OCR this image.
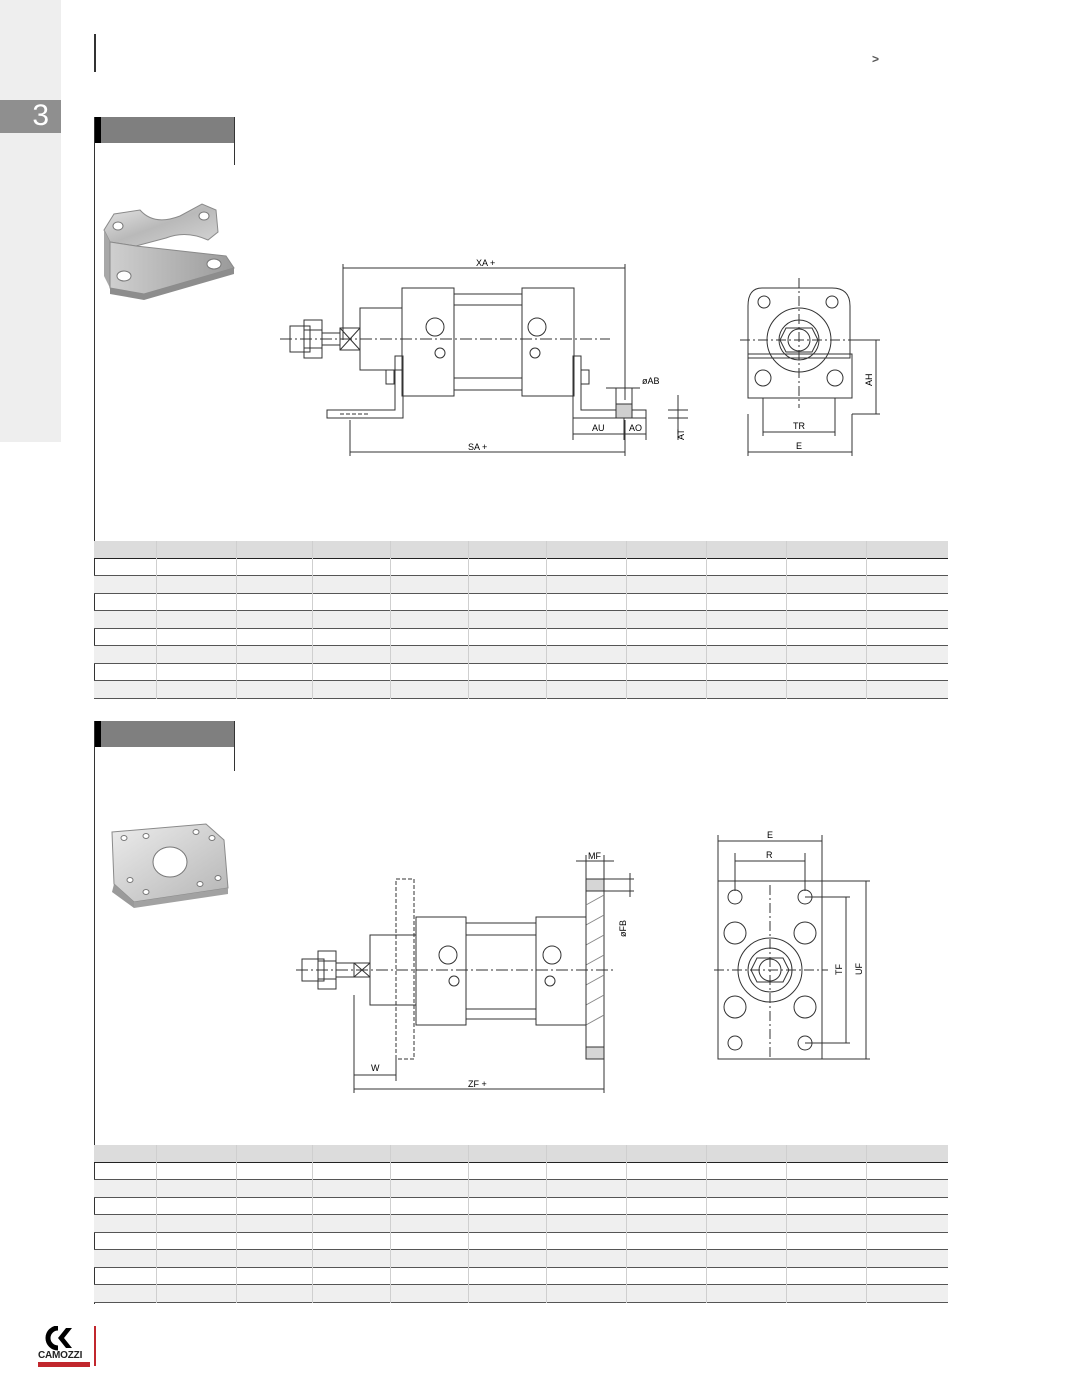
3
>
XA +
SA +
øAB
AU	AO
AT
AH
TR
E
MF
øFB
W
ZF +
E
R
TF UF
CAMOZZI
